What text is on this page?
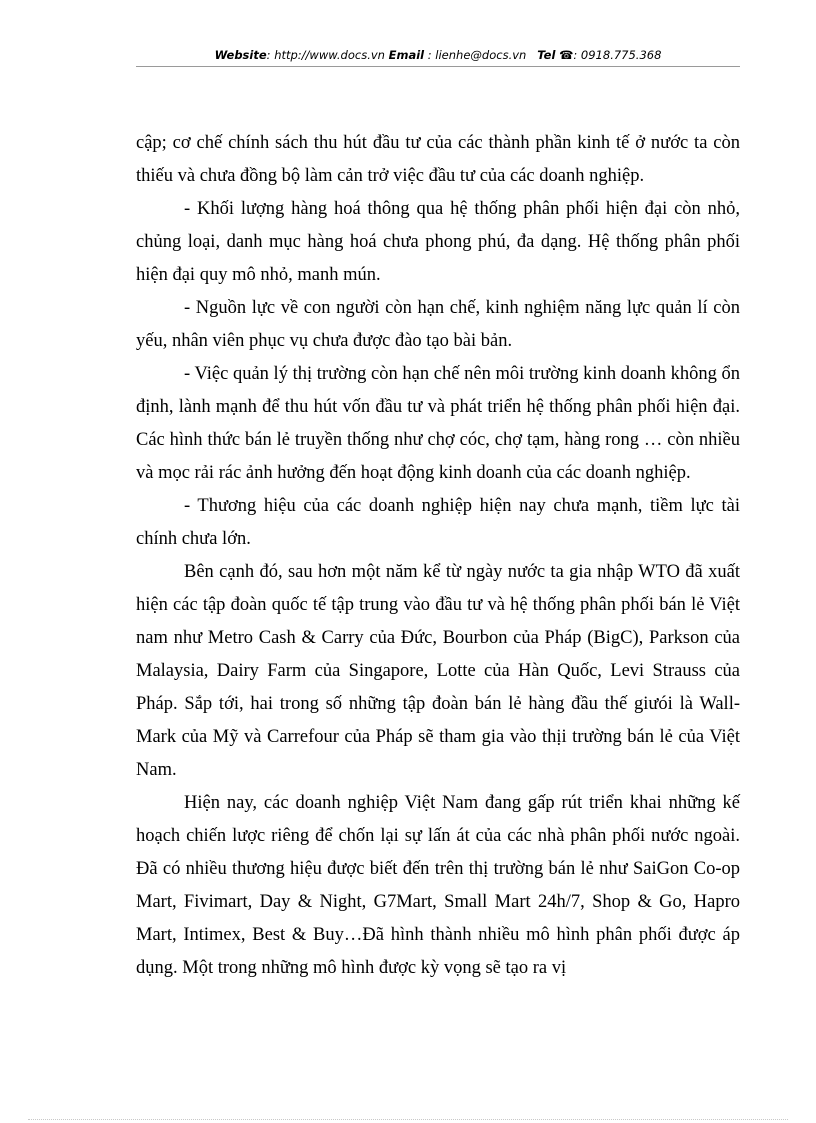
Website: http://www.docs.vn Email : lienhe@docs.vn Tel ☎: 0918.775.368

cập; cơ chế chính sách thu hút đầu tư của các thành phần kinh tế ở nước ta còn thiếu và chưa đồng bộ làm cản trở việc đầu tư của các doanh nghiệp.

- Khối lượng hàng hoá thông qua hệ thống phân phối hiện đại còn nhỏ, chủng loại, danh mục hàng hoá chưa phong phú, đa dạng. Hệ thống phân phối hiện đại quy mô nhỏ, manh mún.

- Nguồn lực về con người còn hạn chế, kinh nghiệm năng lực quản lí còn yếu, nhân viên phục vụ chưa được đào tạo bài bản.

- Việc quản lý thị trường còn hạn chế nên môi trường kinh doanh không ổn định, lành mạnh để thu hút vốn đầu tư và phát triển hệ thống phân phối hiện đại. Các hình thức bán lẻ truyền thống như chợ cóc, chợ tạm, hàng rong … còn nhiều và mọc rải rác ảnh hưởng đến hoạt động kinh doanh của các doanh nghiệp.

- Thương hiệu của các doanh nghiệp hiện nay chưa mạnh, tiềm lực tài chính chưa lớn.

Bên cạnh đó, sau hơn một năm kể từ ngày nước ta gia nhập WTO đã xuất hiện các tập đoàn quốc tế tập trung vào đầu tư và hệ thống phân phối bán lẻ Việt nam như Metro Cash & Carry của Đức, Bourbon của Pháp (BigC), Parkson của Malaysia, Dairy Farm của Singapore, Lotte của Hàn Quốc, Levi Strauss của Pháp. Sắp tới, hai trong số những tập đoàn bán lẻ hàng đầu thế giưói là Wall-Mark của Mỹ và Carrefour của Pháp sẽ tham gia vào thịi trường bán lẻ của Việt Nam.

Hiện nay, các doanh nghiệp Việt Nam đang gấp rút triển khai những kế hoạch chiến lược riêng để chốn lại sự lấn át của các nhà phân phối nước ngoài. Đã có nhiều thương hiệu được biết đến trên thị trường bán lẻ như SaiGon Co-op Mart, Fivimart, Day & Night, G7Mart, Small Mart 24h/7, Shop & Go, Hapro Mart, Intimex, Best & Buy…Đã hình thành nhiều mô hình phân phối được áp dụng. Một trong những mô hình được kỳ vọng sẽ tạo ra vị
